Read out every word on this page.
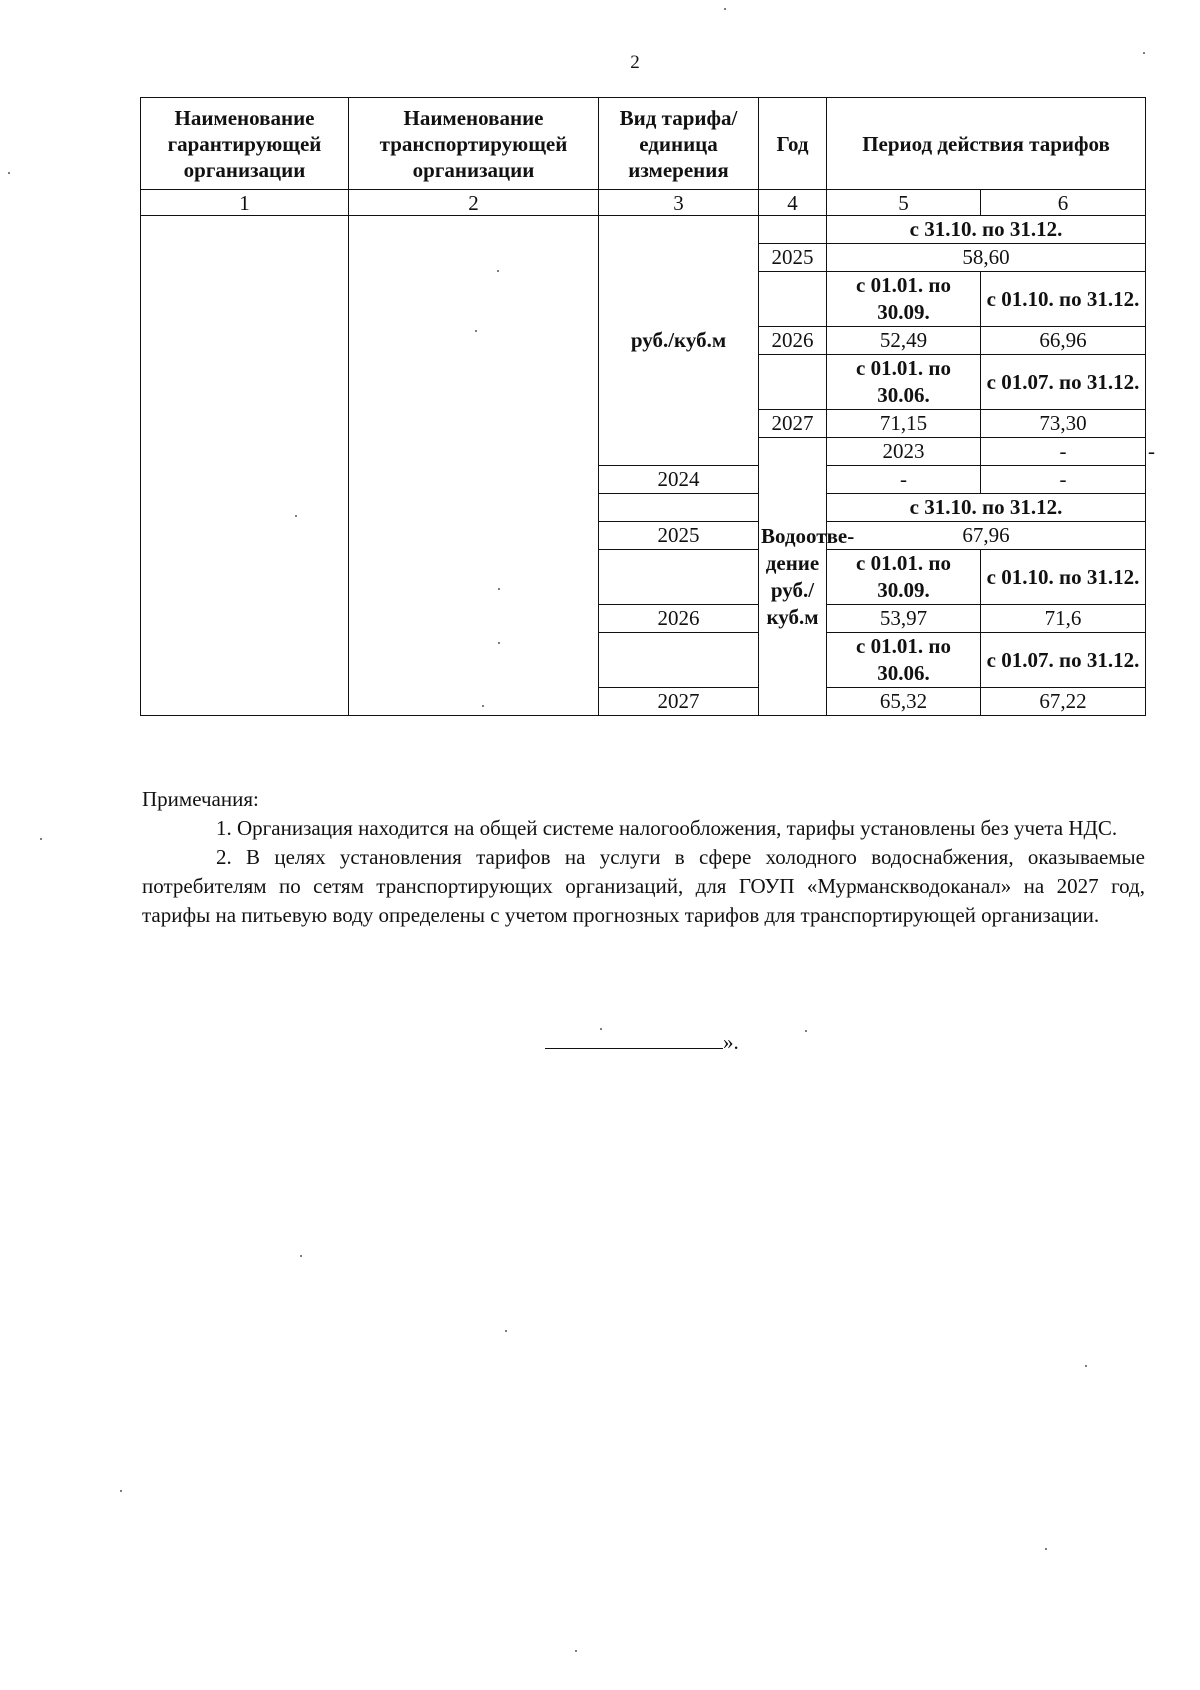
2
Наименование гарантирующей организации	Наименование транспортирующей организации	Вид тарифа/ единица измерения	Год	Период действия тарифов		
1	2	3	4	5	6	
		руб./куб.м		с 31.10. по 31.12.		
			2025	58,60		
				с 01.01. по 30.09.	с 01.10. по 31.12.	
			2026	52,49	66,96	
				с 01.01. по 30.06.	с 01.07. по 31.12.	
			2027	71,15	73,30	
			Водоотве- дение руб./куб.м	2023	-	-
		2024		-	-	
				с 31.10. по 31.12.		
		2025		67,96		
				с 01.01. по 30.09.	с 01.10. по 31.12.	
		2026		53,97	71,6	
				с 01.01. по 30.06.	с 01.07. по 31.12.	
		2027		65,32	67,22	

Примечания:

1. Организация находится на общей системе налогообложения, тарифы установлены без учета НДС.

2. В целях установления тарифов на услуги в сфере холодного водоснабжения, оказываемые потребителям по сетям транспортирующих организаций, для ГОУП «Мурманскводоканал» на 2027 год, тарифы на питьевую воду определены с учетом прогнозных тарифов для транспортирующей организации.

».
